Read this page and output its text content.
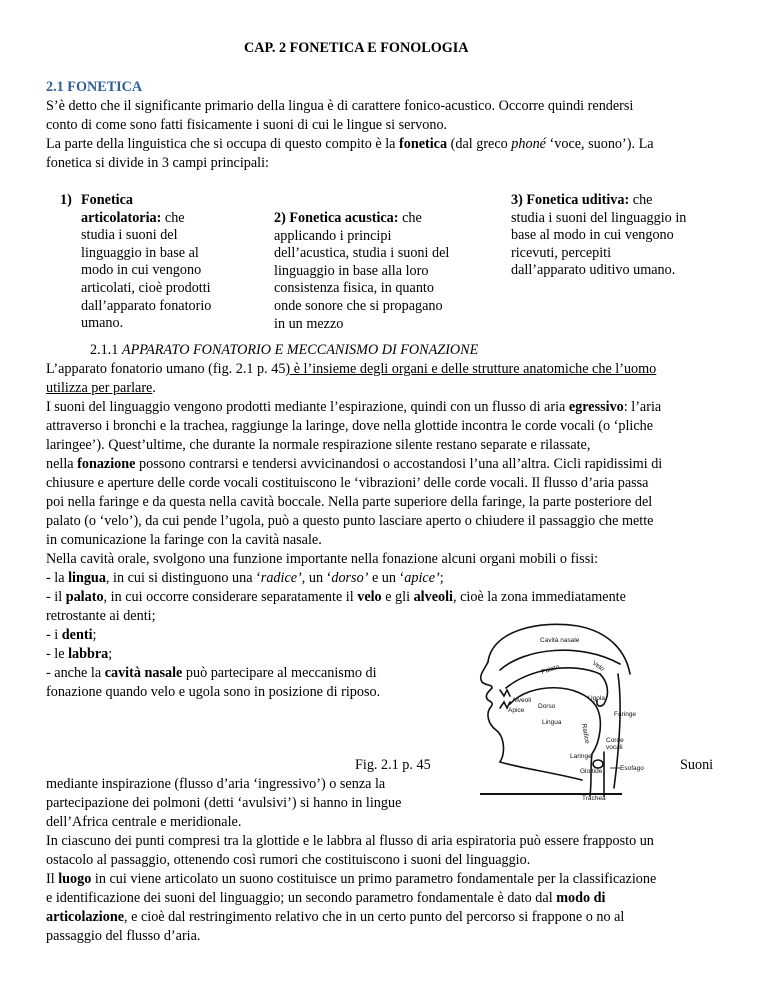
CAP. 2 FONETICA E FONOLOGIA
2.1 FONETICA
S’è detto che il significante primario della lingua è di carattere fonico-acustico. Occorre quindi rendersi
conto di come sono fatti fisicamente i suoni di cui le lingue si servono.
La parte della linguistica che si occupa di questo compito è la fonetica (dal greco phoné ‘voce, suono’). La
fonetica si divide in 3 campi principali:
1) Fonetica
articolatoria: che
studia i suoni del
linguaggio in base al
modo in cui vengono
articolati, cioè prodotti
dall’apparato fonatorio
umano.
2) Fonetica acustica: che
applicando i principi
dell’acustica, studia i suoni del
linguaggio in base alla loro
consistenza fisica, in quanto
onde sonore che si propagano
in un mezzo
3) Fonetica uditiva: che
studia i suoni del linguaggio in
base al modo in cui vengono
ricevuti, percepiti
dall’apparato uditivo umano.
2.1.1 APPARATO FONATORIO E MECCANISMO DI FONAZIONE
L’apparato fonatorio umano (fig. 2.1 p. 45) è l’insieme degli organi e delle strutture anatomiche che l’uomo
utilizza per parlare.
I suoni del linguaggio vengono prodotti mediante l’espirazione, quindi con un flusso di aria egressivo: l’aria
attraverso i bronchi e la trachea, raggiunge la laringe, dove nella glottide incontra le corde vocali (o ‘pliche
laringee’). Quest’ultime, che durante la normale respirazione silente restano separate e rilassate,
nella fonazione possono contrarsi e tendersi avvicinandosi o accostandosi l’una all’altra. Cicli rapidissimi di
chiusure e aperture delle corde vocali costituiscono le ‘vibrazioni’ delle corde vocali. Il flusso d’aria passa
poi nella faringe e da questa nella cavità boccale. Nella parte superiore della faringe, la parte posteriore del
palato (o ‘velo’), da cui pende l’ugola, può a questo punto lasciare aperto o chiudere il passaggio che mette
in comunicazione la faringe con la cavità nasale.
Nella cavità orale, svolgono una funzione importante nella fonazione alcuni organi mobili o fissi:
- la lingua, in cui si distinguono una ‘radice’, un ‘dorso’ e un ‘apice’;
- il palato, in cui occorre considerare separatamente il velo e gli alveoli, cioè la zona immediatamente
retrostante ai denti;
- i denti;
- le labbra;
- anche la cavità nasale può partecipare al meccanismo di
fonazione quando velo e ugola sono in posizione di riposo.
Fig. 2.1 p. 45	Suoni
mediante inspirazione (flusso d’aria ‘ingressivo’) o senza la
partecipazione dei polmoni (detti ‘avulsivi’) si hanno in lingue
dell’Africa centrale e meridionale.
In ciascuno dei punti compresi tra la glottide e le labbra al flusso di aria espiratoria può essere frapposto un
ostacolo al passaggio, ottenendo così rumori che costituiscono i suoni del linguaggio.
Il luogo in cui viene articolato un suono costituisce un primo parametro fondamentale per la classificazione
e identificazione dei suoni del linguaggio; un secondo parametro fondamentale è dato dal modo di
articolazione, e cioè dal restringimento relativo che in un certo punto del percorso si frappone o no al
passaggio del flusso d’aria.
Cavità nasale
Palato	Velo
Ugola
Alveoli
Apice
Dorso
Faringe
Lingua
Radice Corde
vocali
Laringe
Glottide	Esofago
Trachea
